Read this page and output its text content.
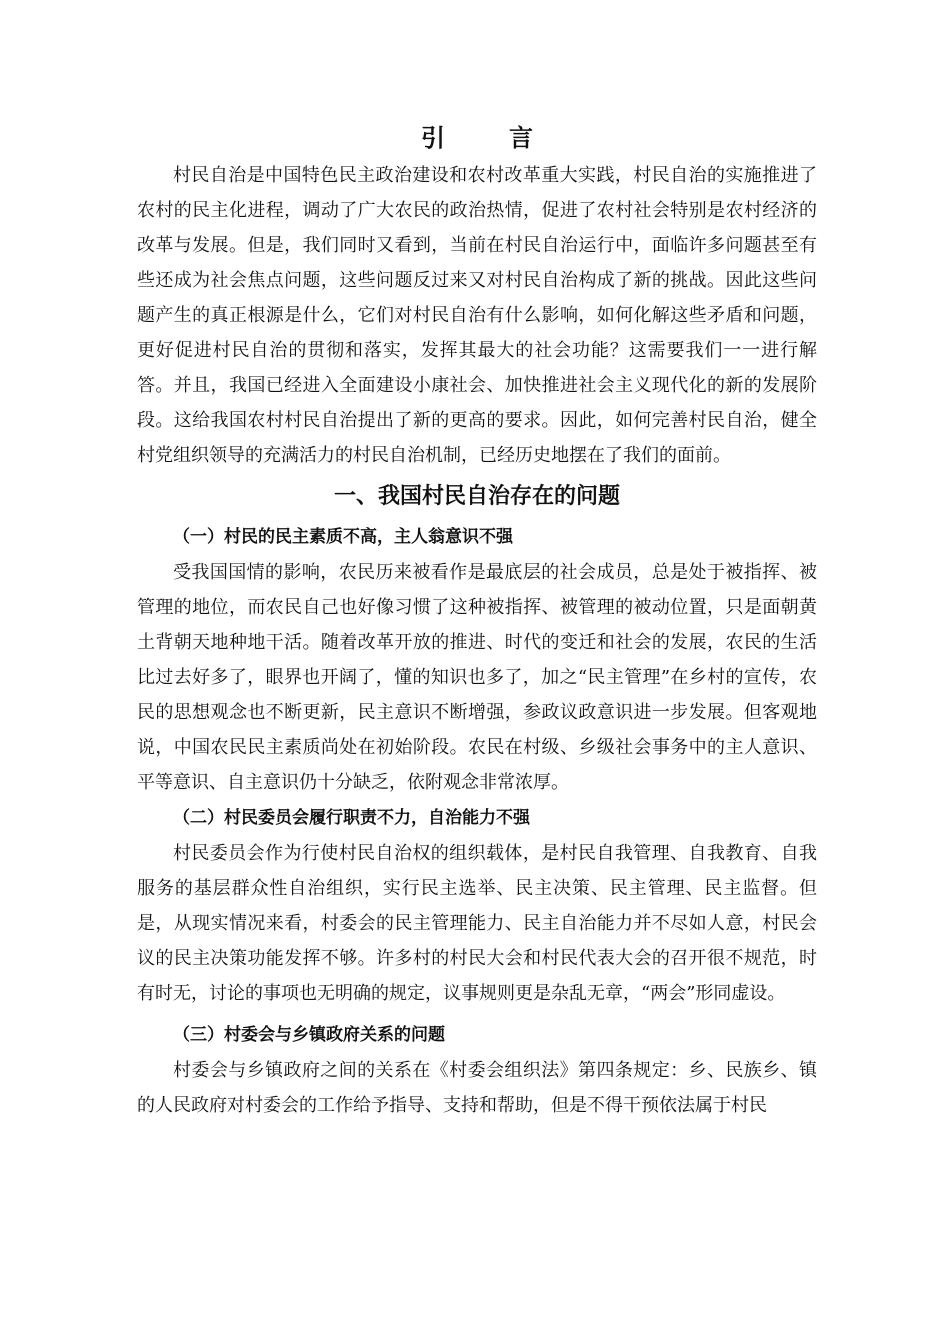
引　言

村民自治是中国特色民主政治建设和农村改革重大实践，村民自治的实施推进了农村的民主化进程，调动了广大农民的政治热情，促进了农村社会特别是农村经济的改革与发展。但是，我们同时又看到，当前在村民自治运行中，面临许多问题甚至有些还成为社会焦点问题，这些问题反过来又对村民自治构成了新的挑战。因此这些问题产生的真正根源是什么，它们对村民自治有什么影响，如何化解这些矛盾和问题，更好促进村民自治的贯彻和落实，发挥其最大的社会功能？这需要我们一一进行解答。并且，我国已经进入全面建设小康社会、加快推进社会主义现代化的新的发展阶段。这给我国农村村民自治提出了新的更高的要求。因此，如何完善村民自治，健全村党组织领导的充满活力的村民自治机制，已经历史地摆在了我们的面前。

一、我国村民自治存在的问题

（一）村民的民主素质不高，主人翁意识不强

受我国国情的影响，农民历来被看作是最底层的社会成员，总是处于被指挥、被管理的地位，而农民自己也好像习惯了这种被指挥、被管理的被动位置，只是面朝黄土背朝天地种地干活。随着改革开放的推进、时代的变迁和社会的发展，农民的生活比过去好多了，眼界也开阔了，懂的知识也多了，加之“民主管理”在乡村的宣传，农民的思想观念也不断更新，民主意识不断增强，参政议政意识进一步发展。但客观地说，中国农民民主素质尚处在初始阶段。农民在村级、乡级社会事务中的主人意识、平等意识、自主意识仍十分缺乏，依附观念非常浓厚。

（二）村民委员会履行职责不力，自治能力不强

村民委员会作为行使村民自治权的组织载体，是村民自我管理、自我教育、自我服务的基层群众性自治组织，实行民主选举、民主决策、民主管理、民主监督。但是，从现实情况来看，村委会的民主管理能力、民主自治能力并不尽如人意，村民会议的民主决策功能发挥不够。许多村的村民大会和村民代表大会的召开很不规范，时有时无，讨论的事项也无明确的规定，议事规则更是杂乱无章，“两会”形同虚设。

（三）村委会与乡镇政府关系的问题

村委会与乡镇政府之间的关系在《村委会组织法》第四条规定：乡、民族乡、镇的人民政府对村委会的工作给予指导、支持和帮助，但是不得干预依法属于村民
